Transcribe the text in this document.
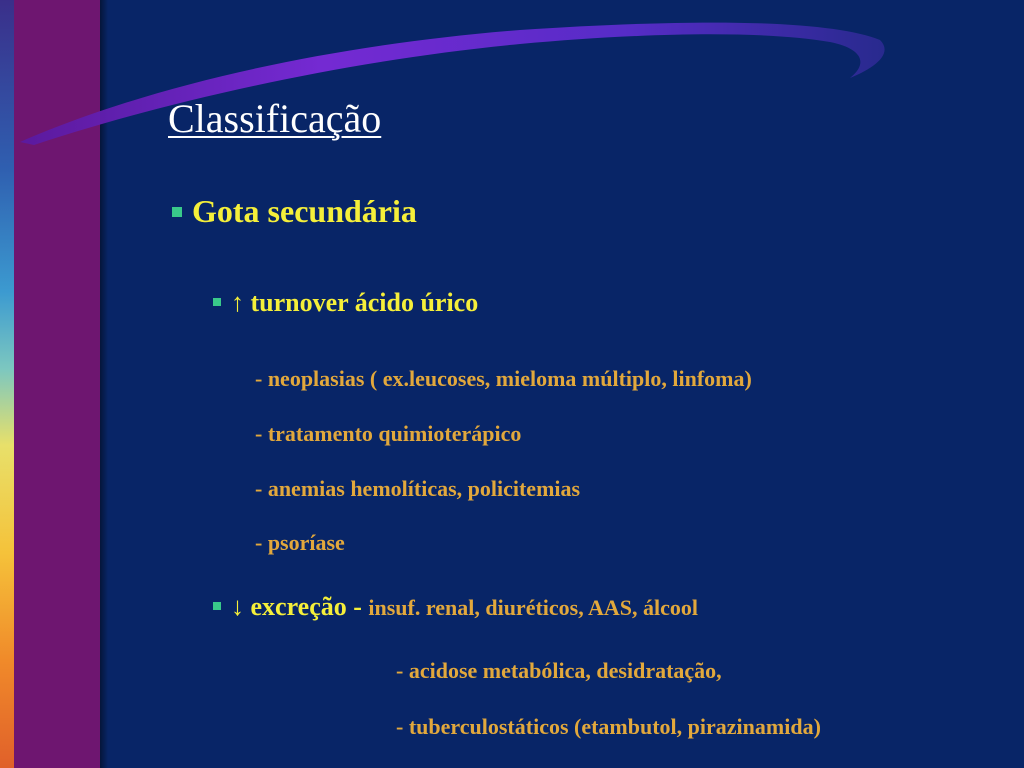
Classificação
Gota secundária
↑ turnover ácido úrico
- neoplasias ( ex.leucoses, mieloma múltiplo, linfoma)
- tratamento quimioterápico
- anemias hemolíticas, policitemias
- psoríase
↓ excreção - insuf. renal, diuréticos, AAS, álcool
- acidose metabólica, desidratação,
- tuberculostáticos (etambutol, pirazinamida)
